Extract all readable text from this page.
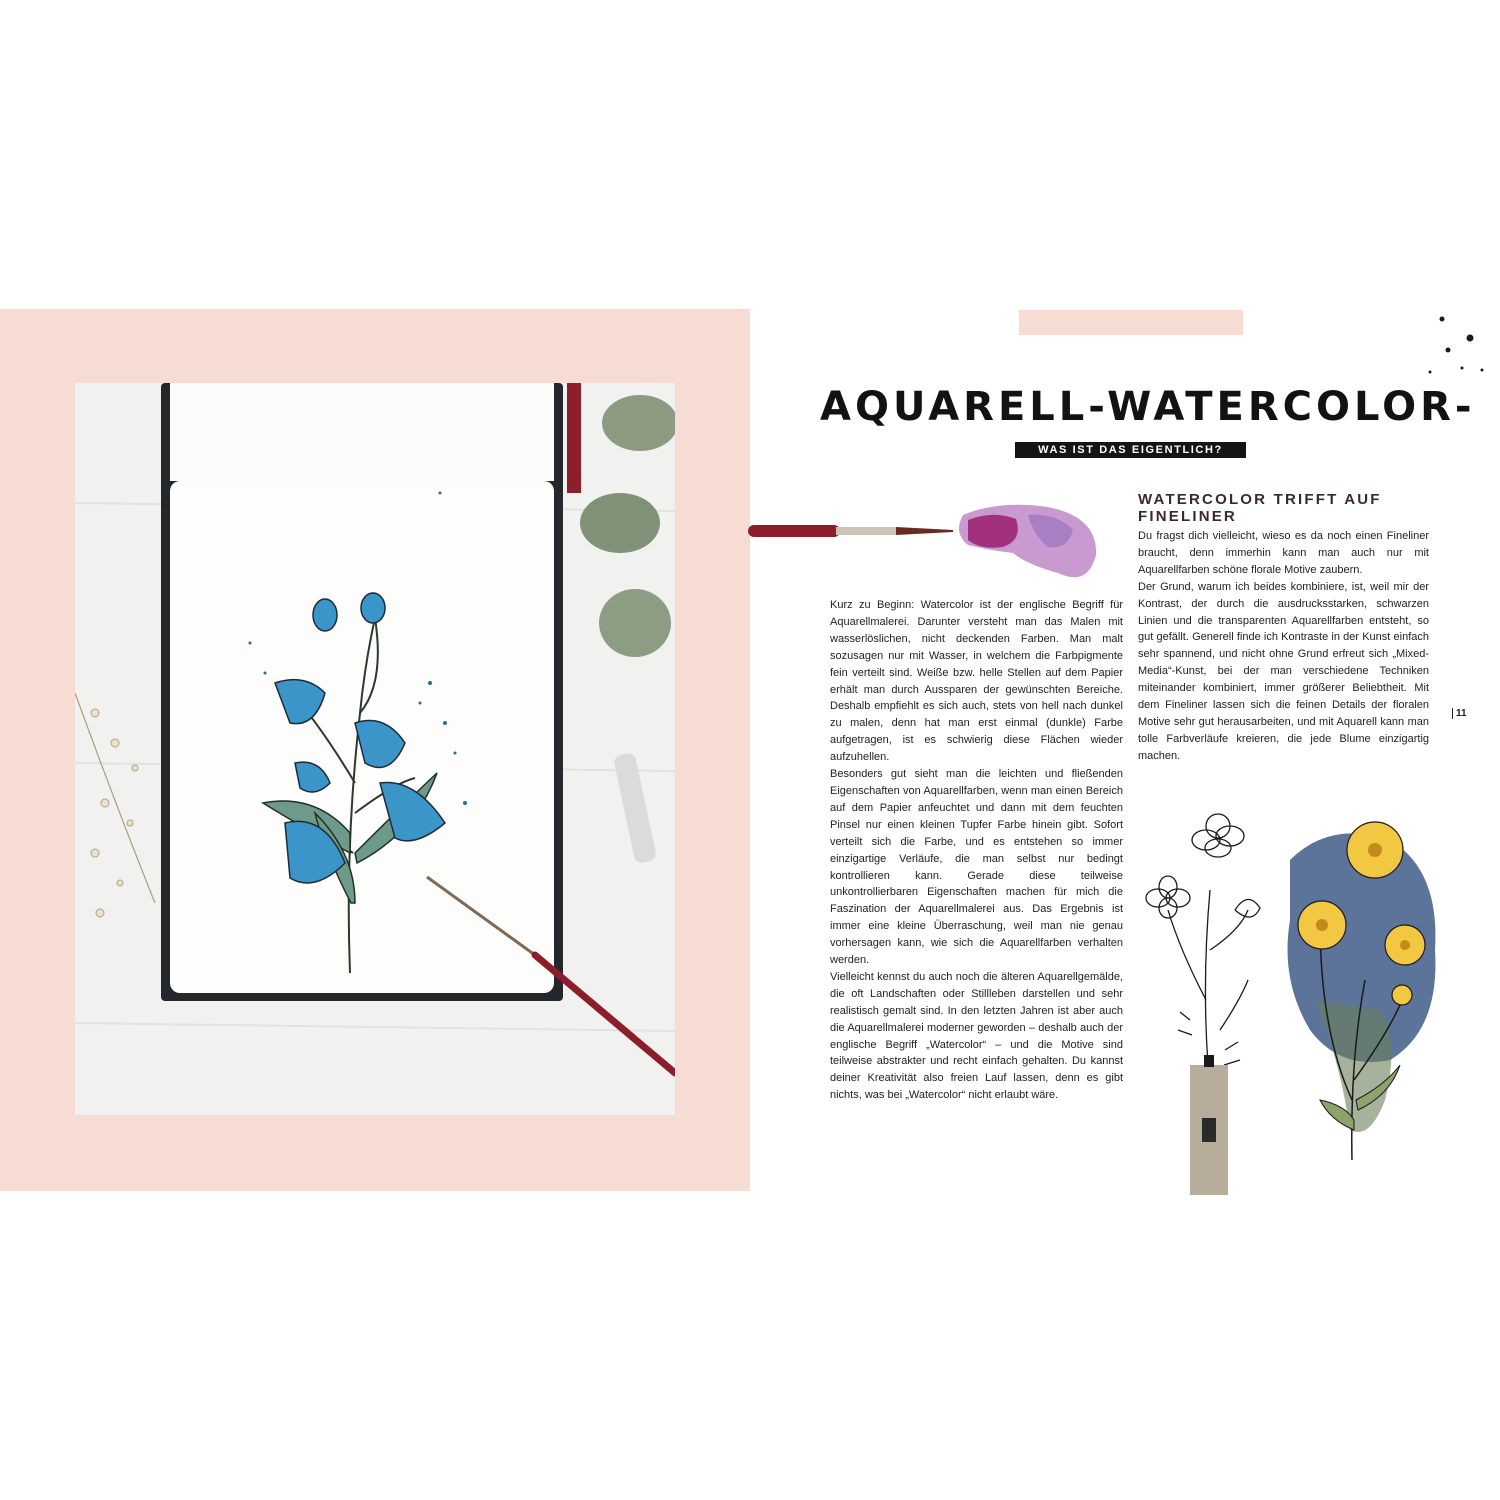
AQUARELL-WATERCOLOR-
WAS IST DAS EIGENTLICH?
WATERCOLOR TRIFFT AUF FINELINER

Kurz zu Beginn: Watercolor ist der englische Begriff für Aquarellmalerei. Darunter versteht man das Malen mit wasserlöslichen, nicht deckenden Farben. Man malt sozusagen nur mit Wasser, in welchem die Farbpigmente fein verteilt sind. Weiße bzw. helle Stellen auf dem Papier erhält man durch Aussparen der gewünschten Bereiche. Deshalb empfiehlt es sich auch, stets von hell nach dunkel zu malen, denn hat man erst einmal (dunkle) Farbe aufgetragen, ist es schwierig diese Flächen wieder aufzuhellen.

Besonders gut sieht man die leichten und fließenden Eigenschaften von Aquarellfarben, wenn man einen Bereich auf dem Papier anfeuchtet und dann mit dem feuchten Pinsel nur einen kleinen Tupfer Farbe hinein gibt. Sofort verteilt sich die Farbe, und es entstehen so immer einzigartige Verläufe, die man selbst nur bedingt kontrollieren kann. Gerade diese teilweise unkontrollierbaren Eigenschaften machen für mich die Faszination der Aquarellmalerei aus. Das Ergebnis ist immer eine kleine Überraschung, weil man nie genau vorhersagen kann, wie sich die Aquarellfarben verhalten werden.

Vielleicht kennst du auch noch die älteren Aquarellgemälde, die oft Landschaften oder Stillleben darstellen und sehr realistisch gemalt sind. In den letzten Jahren ist aber auch die Aquarellmalerei moderner geworden – deshalb auch der englische Begriff „Watercolor“ – und die Motive sind teilweise abstrakter und recht einfach gehalten. Du kannst deiner Kreativität also freien Lauf lassen, denn es gibt nichts, was bei „Watercolor“ nicht erlaubt wäre.

Du fragst dich vielleicht, wieso es da noch einen Fineliner braucht, denn immerhin kann man auch nur mit Aquarellfarben schöne florale Motive zaubern.

Der Grund, warum ich beides kombiniere, ist, weil mir der Kontrast, der durch die ausdrucksstarken, schwarzen Linien und die transparenten Aquarellfarben entsteht, so gut gefällt. Generell finde ich Kontraste in der Kunst einfach sehr spannend, und nicht ohne Grund erfreut sich „Mixed-Media“-Kunst, bei der man verschiedene Techniken miteinander kombiniert, immer größerer Beliebtheit. Mit dem Fineliner lassen sich die feinen Details der floralen Motive sehr gut herausarbeiten, und mit Aquarell kann man tolle Farbverläufe kreieren, die jede Blume einzigartig machen.

11
